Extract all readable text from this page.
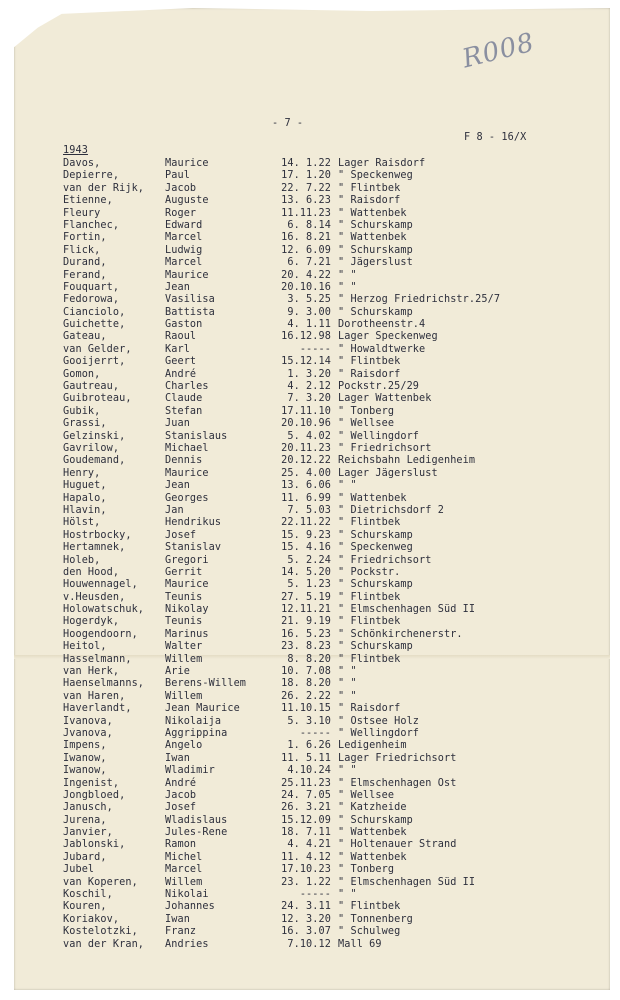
R008
- 7 -
F 8 - 16/X
1943
Davos,	Maurice	14. 1.22 Lager Raisdorf
Depierre,	Paul	17. 1.20 " Speckenweg
van der Rijk, Jacob	22. 7.22 " Flintbek
Etienne,	Auguste	13. 6.23 " Raisdorf
Fleury	Roger	11.11.23 " Wattenbek
Flanchec,	Edward	6. 8.14 " Schurskamp
Fortin,	Marcel	16. 8.21 " Wattenbek
Flick,	Ludwig	12. 6.09 " Schurskamp
Durand,	Marcel	6. 7.21 " Jägerslust
Ferand,	Maurice	20. 4.22 " "
Fouquart,	Jean	20.10.16 " "
Fedorowa,	Vasilisa	3. 5.25 " Herzog Friedrichstr.25/7
Cianciolo,	Battista	9. 3.00 " Schurskamp
Guichette,	Gaston	4. 1.11 Dorotheenstr.4
Gateau,	Raoul	16.12.98 Lager Speckenweg
van Gelder,	Karl	----- " Howaldtwerke
Gooijerrt,	Geert	15.12.14 " Flintbek
Gomon,	André	1. 3.20 " Raisdorf
Gautreau,	Charles	4. 2.12 Pockstr.25/29
Guibroteau,	Claude	7. 3.20 Lager Wattenbek
Gubik,	Stefan	17.11.10 " Tonberg
Grassi,	Juan	20.10.96 " Wellsee
Gelzinski,	Stanislaus	5. 4.02 " Wellingdorf
Gavrilow,	Michael	20.11.23 " Friedrichsort
Goudemand,	Dennis	20.12.22 Reichsbahn Ledigenheim
Henry,	Maurice	25. 4.00 Lager Jägerslust
Huguet,	Jean	13. 6.06 " "
Hapalo,	Georges	11. 6.99 " Wattenbek
Hlavin,	Jan	7. 5.03 " Dietrichsdorf 2
Hölst,	Hendrikus	22.11.22 " Flintbek
Hostrbocky,	Josef	15. 9.23 " Schurskamp
Hertamnek,	Stanislav	15. 4.16 " Speckenweg
Holeb,	Gregori	5. 2.24 " Friedrichsort
den Hood,	Gerrit	14. 5.20 " Pockstr.
Houwennagel,	Maurice	5. 1.23 " Schurskamp
v.Heusden,	Teunis	27. 5.19 " Flintbek
Holowatschuk, Nikolay	12.11.21 " Elmschenhagen Süd II
Hogerdyk,	Teunis	21. 9.19 " Flintbek
Hoogendoorn,	Marinus	16. 5.23 " Schönkirchenerstr.
Heitol,	Walter	23. 8.23 " Schurskamp
Hasselmann,	Willem	8. 8.20 " Flintbek
van Herk,	Arie	10. 7.08 " "
Haenselmanns, Berens-Willem	18. 8.20 " "
van Haren,	Willem	26. 2.22 " "
Haverlandt,	Jean Maurice	11.10.15 " Raisdorf
Ivanova,	Nikolaija	5. 3.10 " Ostsee Holz
Jvanova,	Aggrippina	----- " Wellingdorf
Impens,	Angelo	1. 6.26 Ledigenheim
Iwanow,	Iwan	11. 5.11 Lager Friedrichsort
Iwanow,	Wladimir	4.10.24 " "
Ingenist,	André	25.11.23 " Elmschenhagen Ost
Jongbloed,	Jacob	24. 7.05 " Wellsee
Janusch,	Josef	26. 3.21 " Katzheide
Jurena,	Wladislaus	15.12.09 " Schurskamp
Janvier,	Jules-Rene	18. 7.11 " Wattenbek
Jablonski,	Ramon	4. 4.21 " Holtenauer Strand
Jubard,	Michel	11. 4.12 " Wattenbek
Jubel	Marcel	17.10.23 " Tonberg
van Koperen,	Willem	23. 1.22 " Elmschenhagen Süd II
Koschil,	Nikolai	----- " "
Kouren,	Johannes	24. 3.11 " Flintbek
Koriakov,	Iwan	12. 3.20 " Tonnenberg
Kostelotzki,	Franz	16. 3.07 " Schulweg
van der Kran, Andries	7.10.12 Mall 69
